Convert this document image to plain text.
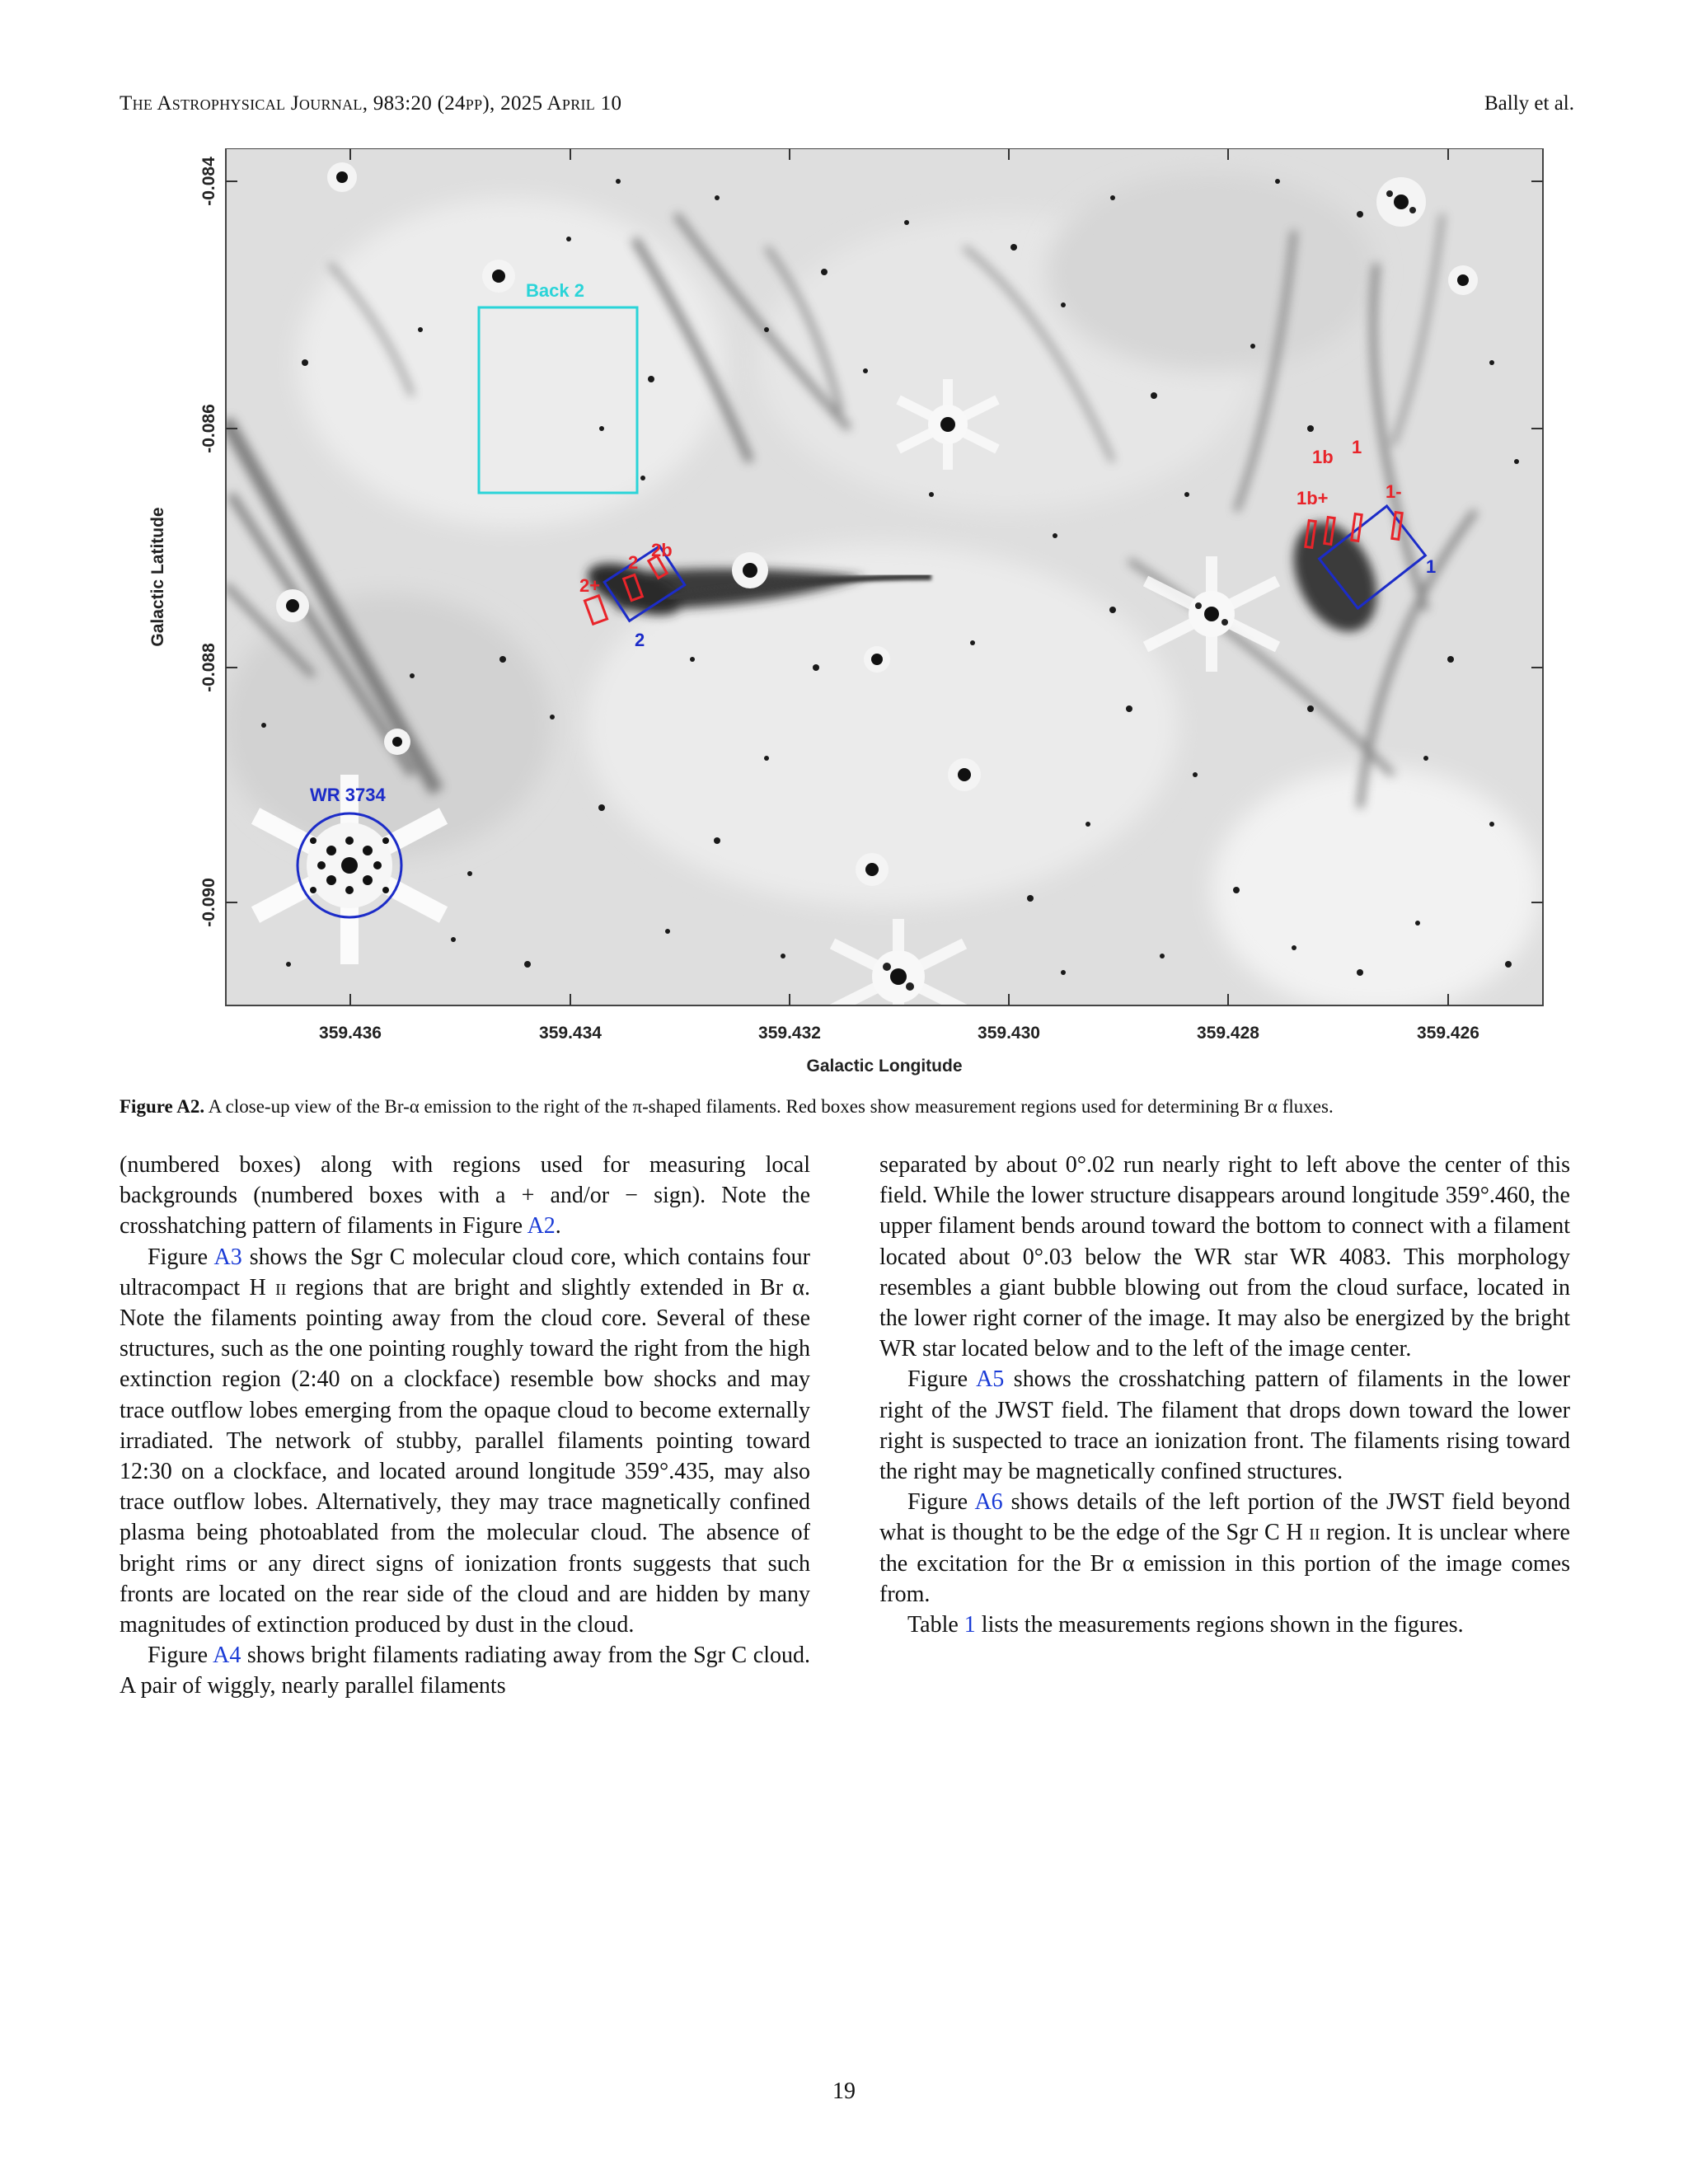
The Astrophysical Journal, 983:20 (24pp), 2025 April 10	Bally et al.
Back 2
WR 3734
1b 1
1b+	1-
1
2+
2
2b
2
-0.084
-0.086
-0.088
-0.090
359.436	359.434	359.432	359.430	359.428	359.426
Galactic Longitude
Galactic Latitude
Figure A2. A close-up view of the Br-α emission to the right of the π-shaped filaments. Red boxes show measurement regions used for determining Br α fluxes.

(numbered boxes) along with regions used for measuring local backgrounds (numbered boxes with a + and/or − sign). Note the crosshatching pattern of filaments in Figure A2.

Figure A3 shows the Sgr C molecular cloud core, which contains four ultracompact H ii regions that are bright and slightly extended in Br α. Note the filaments pointing away from the cloud core. Several of these structures, such as the one pointing roughly toward the right from the high extinction region (2:40 on a clockface) resemble bow shocks and may trace outflow lobes emerging from the opaque cloud to become externally irradiated. The network of stubby, parallel filaments pointing toward 12:30 on a clockface, and located around longitude 359°.435, may also trace outflow lobes. Alternatively, they may trace magnetically confined plasma being photoablated from the molecular cloud. The absence of bright rims or any direct signs of ionization fronts suggests that such fronts are located on the rear side of the cloud and are hidden by many magnitudes of extinction produced by dust in the cloud.

Figure A4 shows bright filaments radiating away from the Sgr C cloud. A pair of wiggly, nearly parallel filaments

separated by about 0°.02 run nearly right to left above the center of this field. While the lower structure disappears around longitude 359°.460, the upper filament bends around toward the bottom to connect with a filament located about 0°.03 below the WR star WR 4083. This morphology resembles a giant bubble blowing out from the cloud surface, located in the lower right corner of the image. It may also be energized by the bright WR star located below and to the left of the image center.

Figure A5 shows the crosshatching pattern of filaments in the lower right of the JWST field. The filament that drops down toward the lower right is suspected to trace an ionization front. The filaments rising toward the right may be magnetically confined structures.

Figure A6 shows details of the left portion of the JWST field beyond what is thought to be the edge of the Sgr C H ii region. It is unclear where the excitation for the Br α emission in this portion of the image comes from.

Table 1 lists the measurements regions shown in the figures.

19
